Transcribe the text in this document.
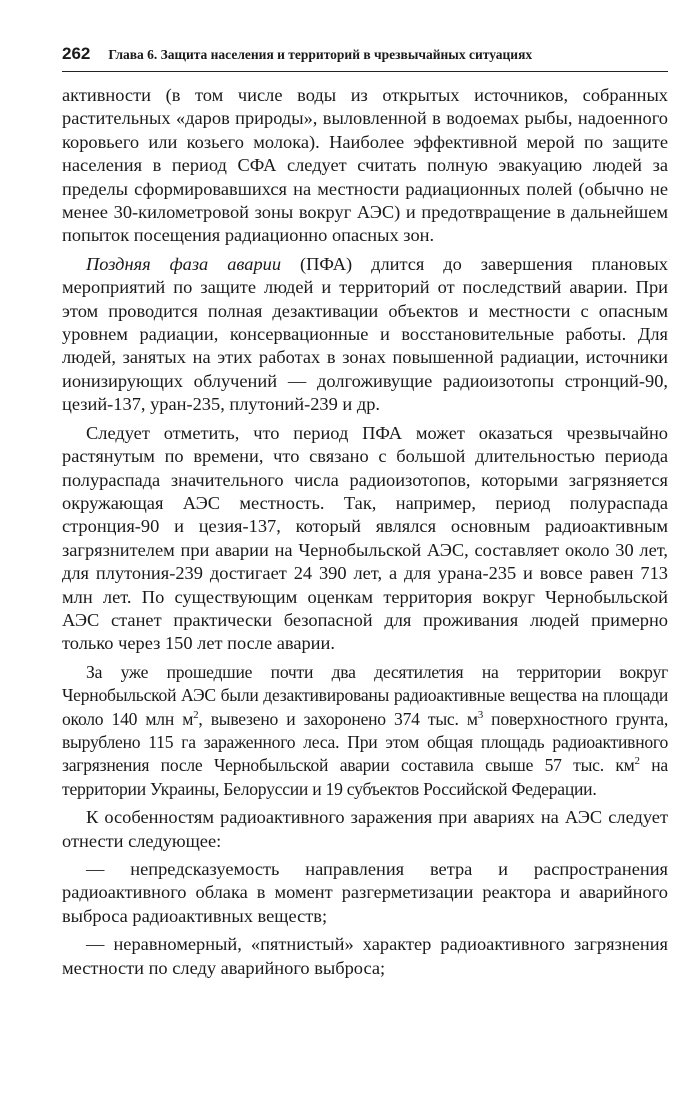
262 Глава 6. Защита населения и территорий в чрезвычайных ситуациях

активности (в том числе воды из открытых источников, собранных растительных «даров природы», выловленной в водоемах рыбы, надоенного коровьего или козьего молока). Наиболее эффективной мерой по защите населения в период СФА следует считать полную эвакуацию людей за пределы сформировавшихся на местности радиационных полей (обычно не менее 30-километровой зоны вокруг АЭС) и предотвращение в дальнейшем попыток посещения радиационно опасных зон.

Поздняя фаза аварии (ПФА) длится до завершения плановых мероприятий по защите людей и территорий от последствий аварии. При этом проводится полная дезактивации объектов и местности с опасным уровнем радиации, консервационные и восстановительные работы. Для людей, занятых на этих работах в зонах повышенной радиации, источники ионизирующих облучений — долгоживущие радиоизотопы стронций-90, цезий-137, уран-235, плутоний-239 и др.

Следует отметить, что период ПФА может оказаться чрезвычайно растянутым по времени, что связано с большой длительностью периода полураспада значительного числа радиоизотопов, которыми загрязняется окружающая АЭС местность. Так, например, период полураспада стронция-90 и цезия-137, который являлся основным радиоактивным загрязнителем при аварии на Чернобыльской АЭС, составляет около 30 лет, для плутония-239 достигает 24 390 лет, а для урана-235 и вовсе равен 713 млн лет. По существующим оценкам территория вокруг Чернобыльской АЭС станет практически безопасной для проживания людей примерно только через 150 лет после аварии.

За уже прошедшие почти два десятилетия на территории вокруг Чернобыльской АЭС были дезактивированы радиоактивные вещества на площади около 140 млн $м^2$, вывезено и захоронено 374 тыс. $м^3$ поверхностного грунта, вырублено 115 га зараженного леса. При этом общая площадь радиоактивного загрязнения после Чернобыльской аварии составила свыше 57 тыс. $км^2$ на территории Украины, Белоруссии и 19 субъектов Российской Федерации.

К особенностям радиоактивного заражения при авариях на АЭС следует отнести следующее:

— непредсказуемость направления ветра и распространения радиоактивного облака в момент разгерметизации реактора и аварийного выброса радиоактивных веществ;

— неравномерный, «пятнистый» характер радиоактивного загрязнения местности по следу аварийного выброса;
